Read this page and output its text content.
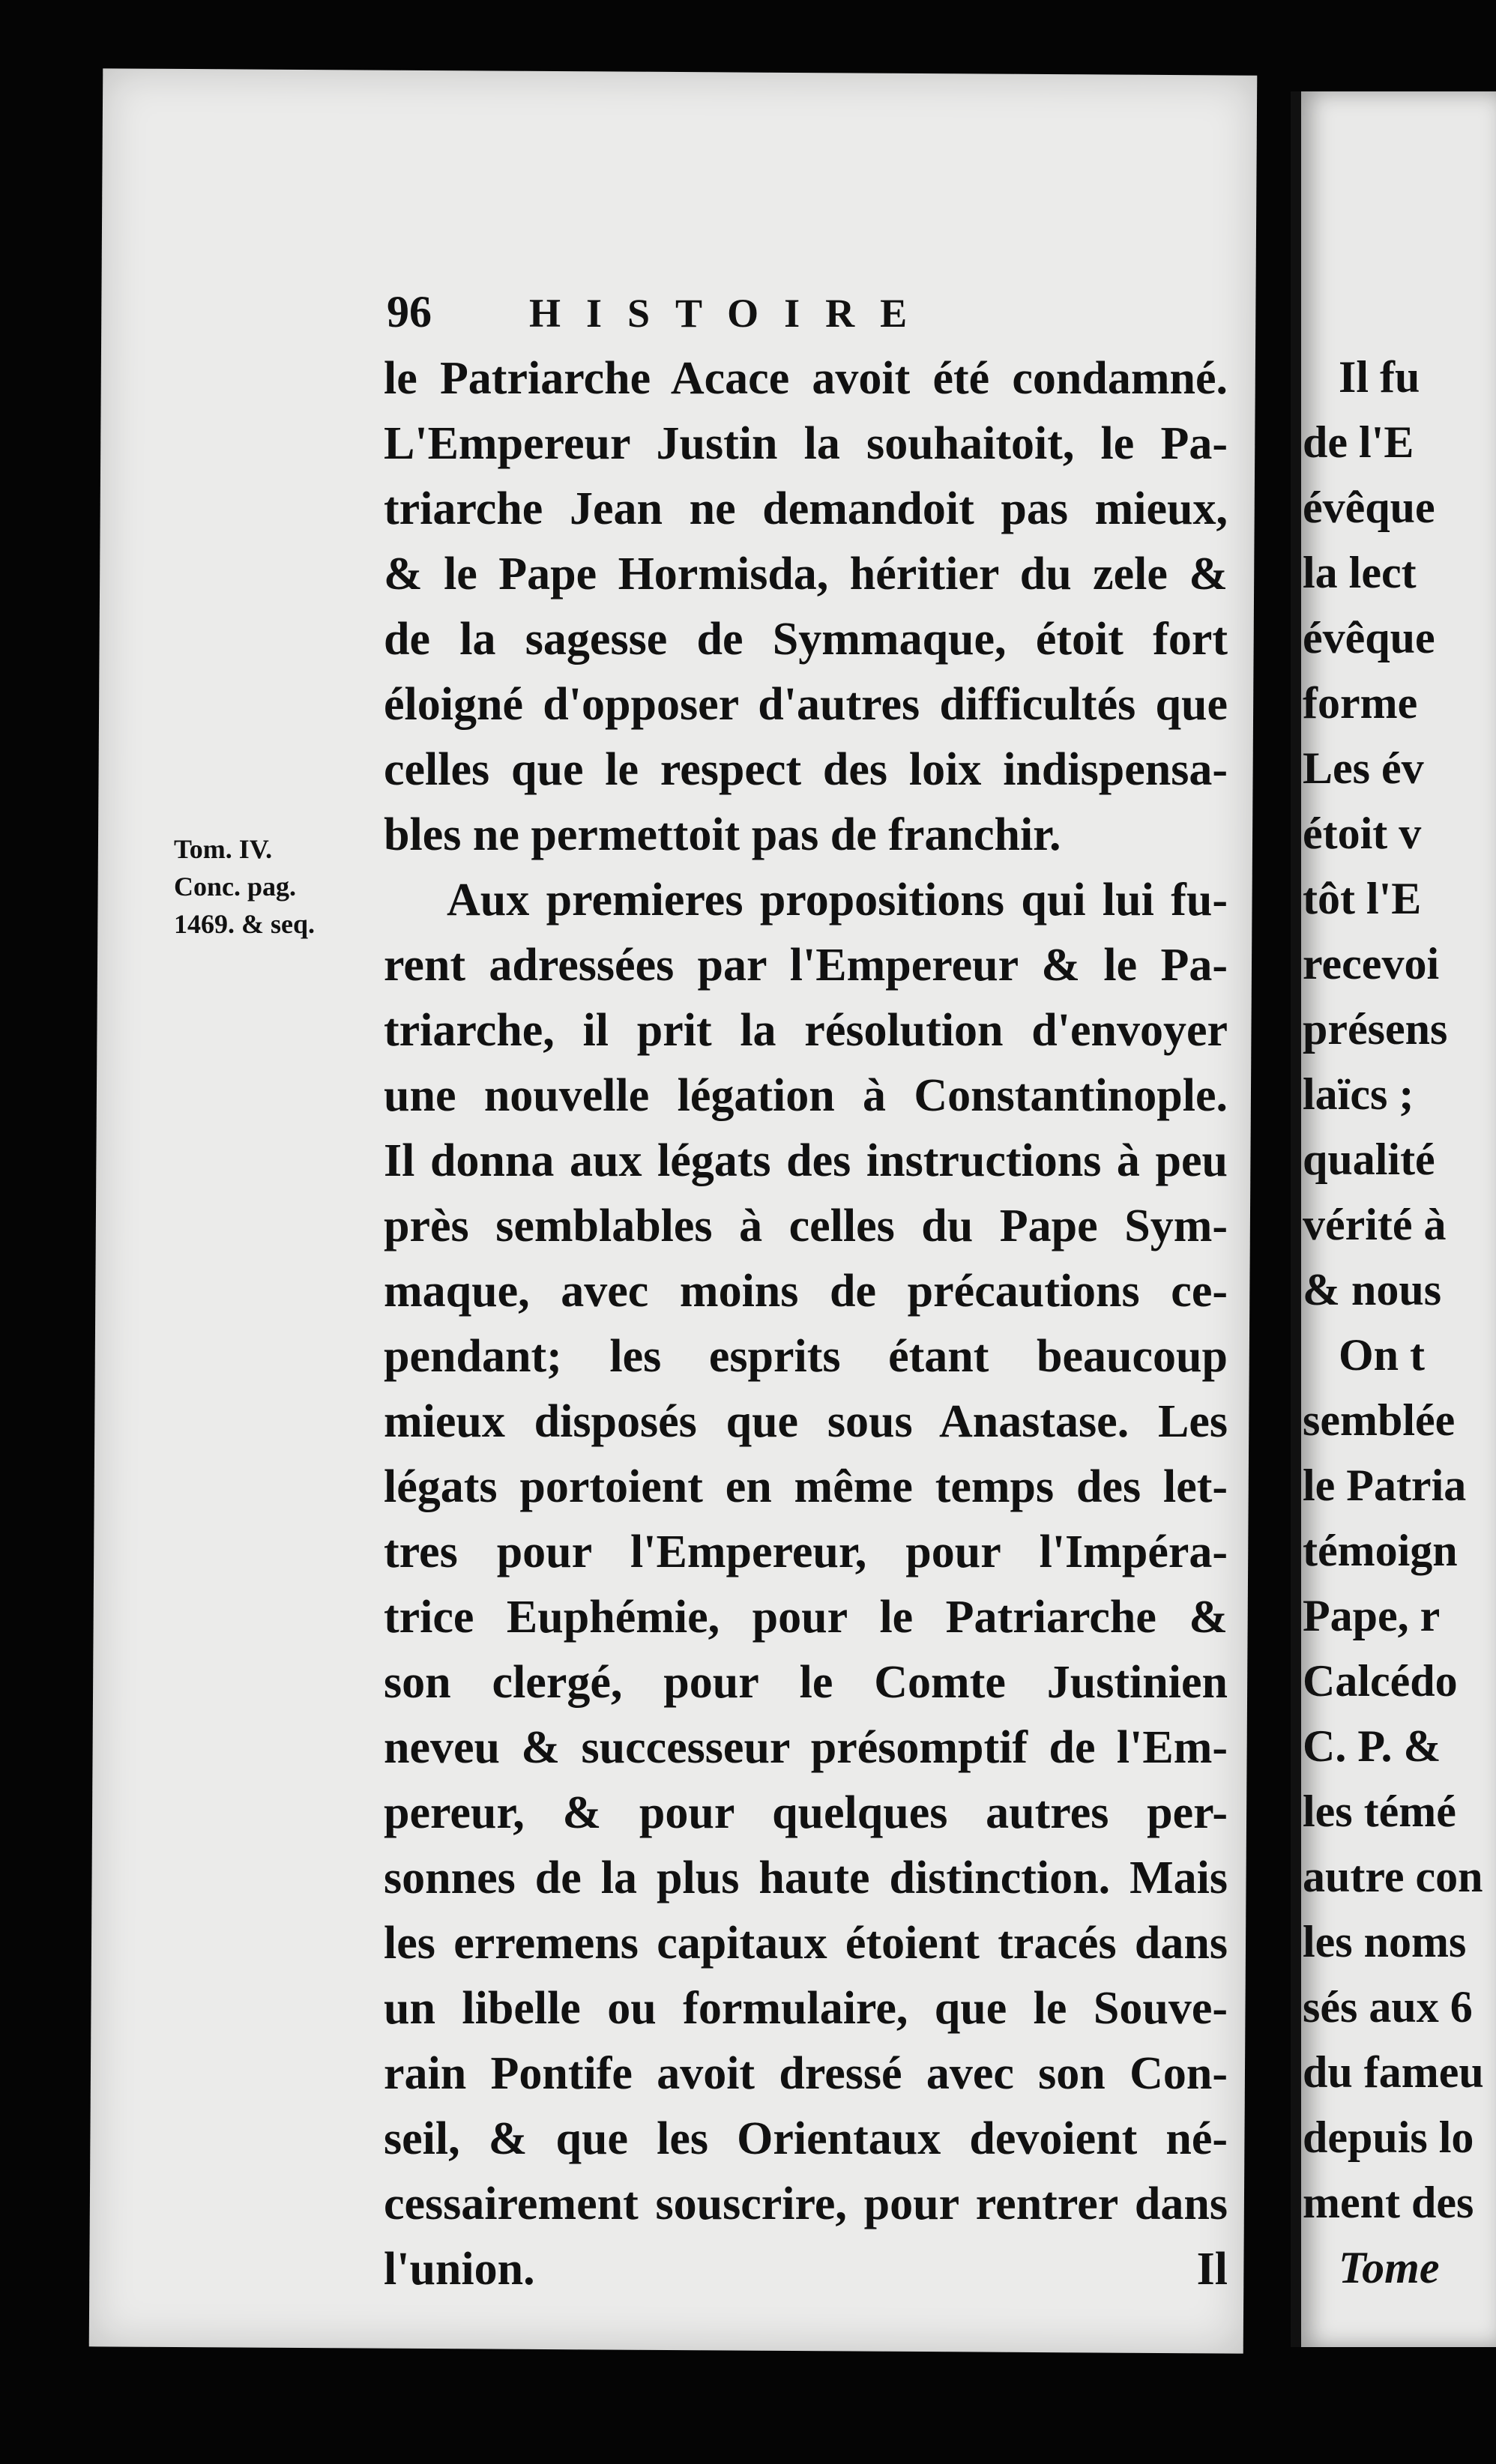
96	HISTOIRE
Tom. IV.
Conc. pag.
1469. & seq.
le Patriarche Acace avoit été condamné.
L'Empereur Justin la souhaitoit, le Pa-
triarche Jean ne demandoit pas mieux,
& le Pape Hormisda, héritier du zele &
de la sagesse de Symmaque, étoit fort
éloigné d'opposer d'autres difficultés que
celles que le respect des loix indispensa-
bles ne permettoit pas de franchir.
Aux premieres propositions qui lui fu-
rent adressées par l'Empereur & le Pa-
triarche, il prit la résolution d'envoyer
une nouvelle légation à Constantinople.
Il donna aux légats des instructions à peu
près semblables à celles du Pape Sym-
maque, avec moins de précautions ce-
pendant; les esprits étant beaucoup
mieux disposés que sous Anastase. Les
légats portoient en même temps des let-
tres pour l'Empereur, pour l'Impéra-
trice Euphémie, pour le Patriarche &
son clergé, pour le Comte Justinien
neveu & successeur présomptif de l'Em-
pereur, & pour quelques autres per-
sonnes de la plus haute distinction. Mais
les erremens capitaux étoient tracés dans
un libelle ou formulaire, que le Souve-
rain Pontife avoit dressé avec son Con-
seil, & que les Orientaux devoient né-
cessairement souscrire, pour rentrer dans
l'union.	Il
Il fu
de l'E
évêque
la lect
évêque
forme
Les év
étoit v
tôt l'E
recevoi
présens
laïcs ;
qualité
vérité à
& nous
On t
semblée
le Patria
témoign
Pape, r
Calcédo
C. P. &
les témé
autre con
les noms
sés aux 6
du fameu
depuis lo
ment des
Tome
